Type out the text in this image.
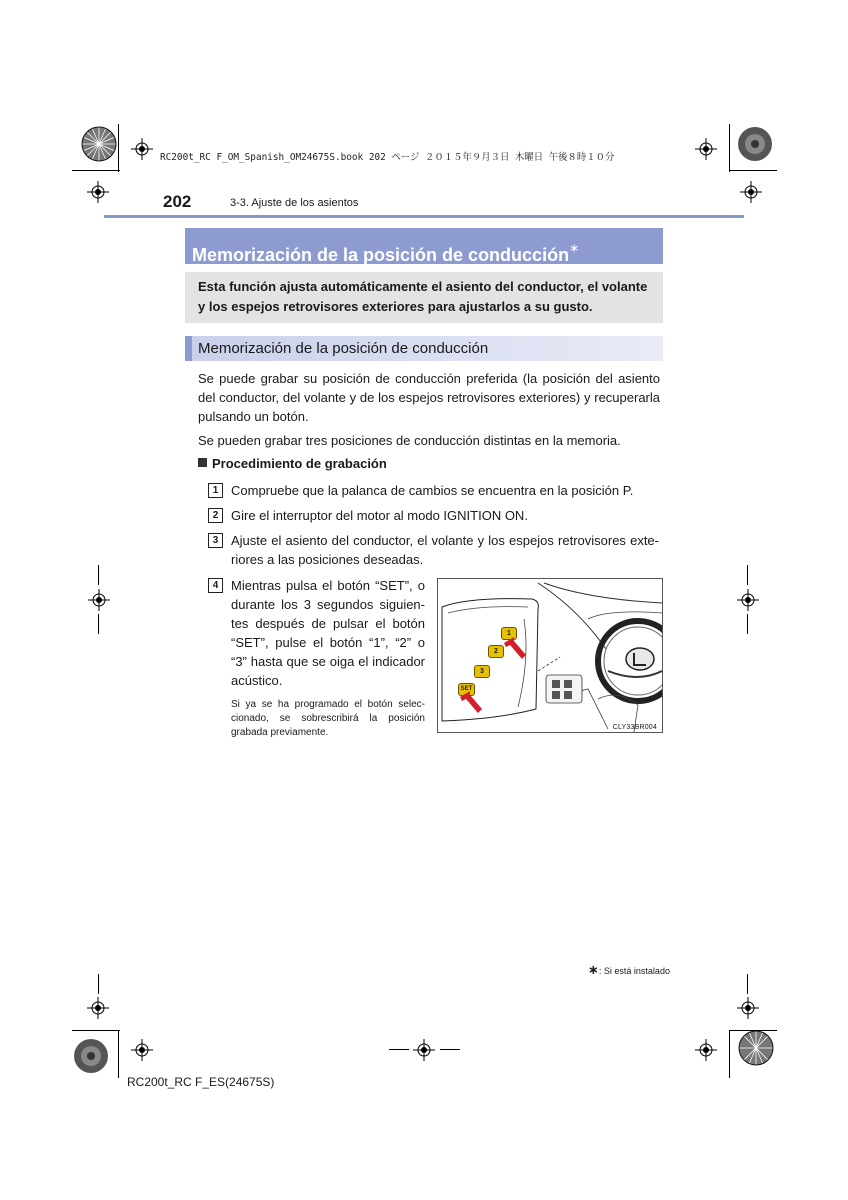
RC200t_RC F_OM_Spanish_OM24675S.book 202 ページ ２０１５年９月３日 木曜日 午後８時１０分
202	3-3. Ajuste de los asientos
Memorización de la posición de conducción∗
Esta función ajusta automáticamente el asiento del conductor, el volante y los espejos retrovisores exteriores para ajustarlos a su gusto.
Memorización de la posición de conducción
Se puede grabar su posición de conducción preferida (la posición del asiento del conductor, del volante y de los espejos retrovisores exteriores) y recuperarla pulsando un botón.
Se pueden grabar tres posiciones de conducción distintas en la memoria.
Procedimiento de grabación
1 Compruebe que la palanca de cambios se encuentra en la posición P.
2 Gire el interruptor del motor al modo IGNITION ON.
3 Ajuste el asiento del conductor, el volante y los espejos retrovisores exte- riores a las posiciones deseadas.
4 Mientras pulsa el botón “SET”, o durante los 3 segundos siguien- tes después de pulsar el botón “SET”, pulse el botón “1”, “2” o “3” hasta que se oiga el indicador acústico.
Si ya se ha programado el botón selec- cionado, se sobrescribirá la posición grabada previamente.
SET
3
2
1
CLY33BR004
∗: Si está instalado
RC200t_RC F_ES(24675S)
